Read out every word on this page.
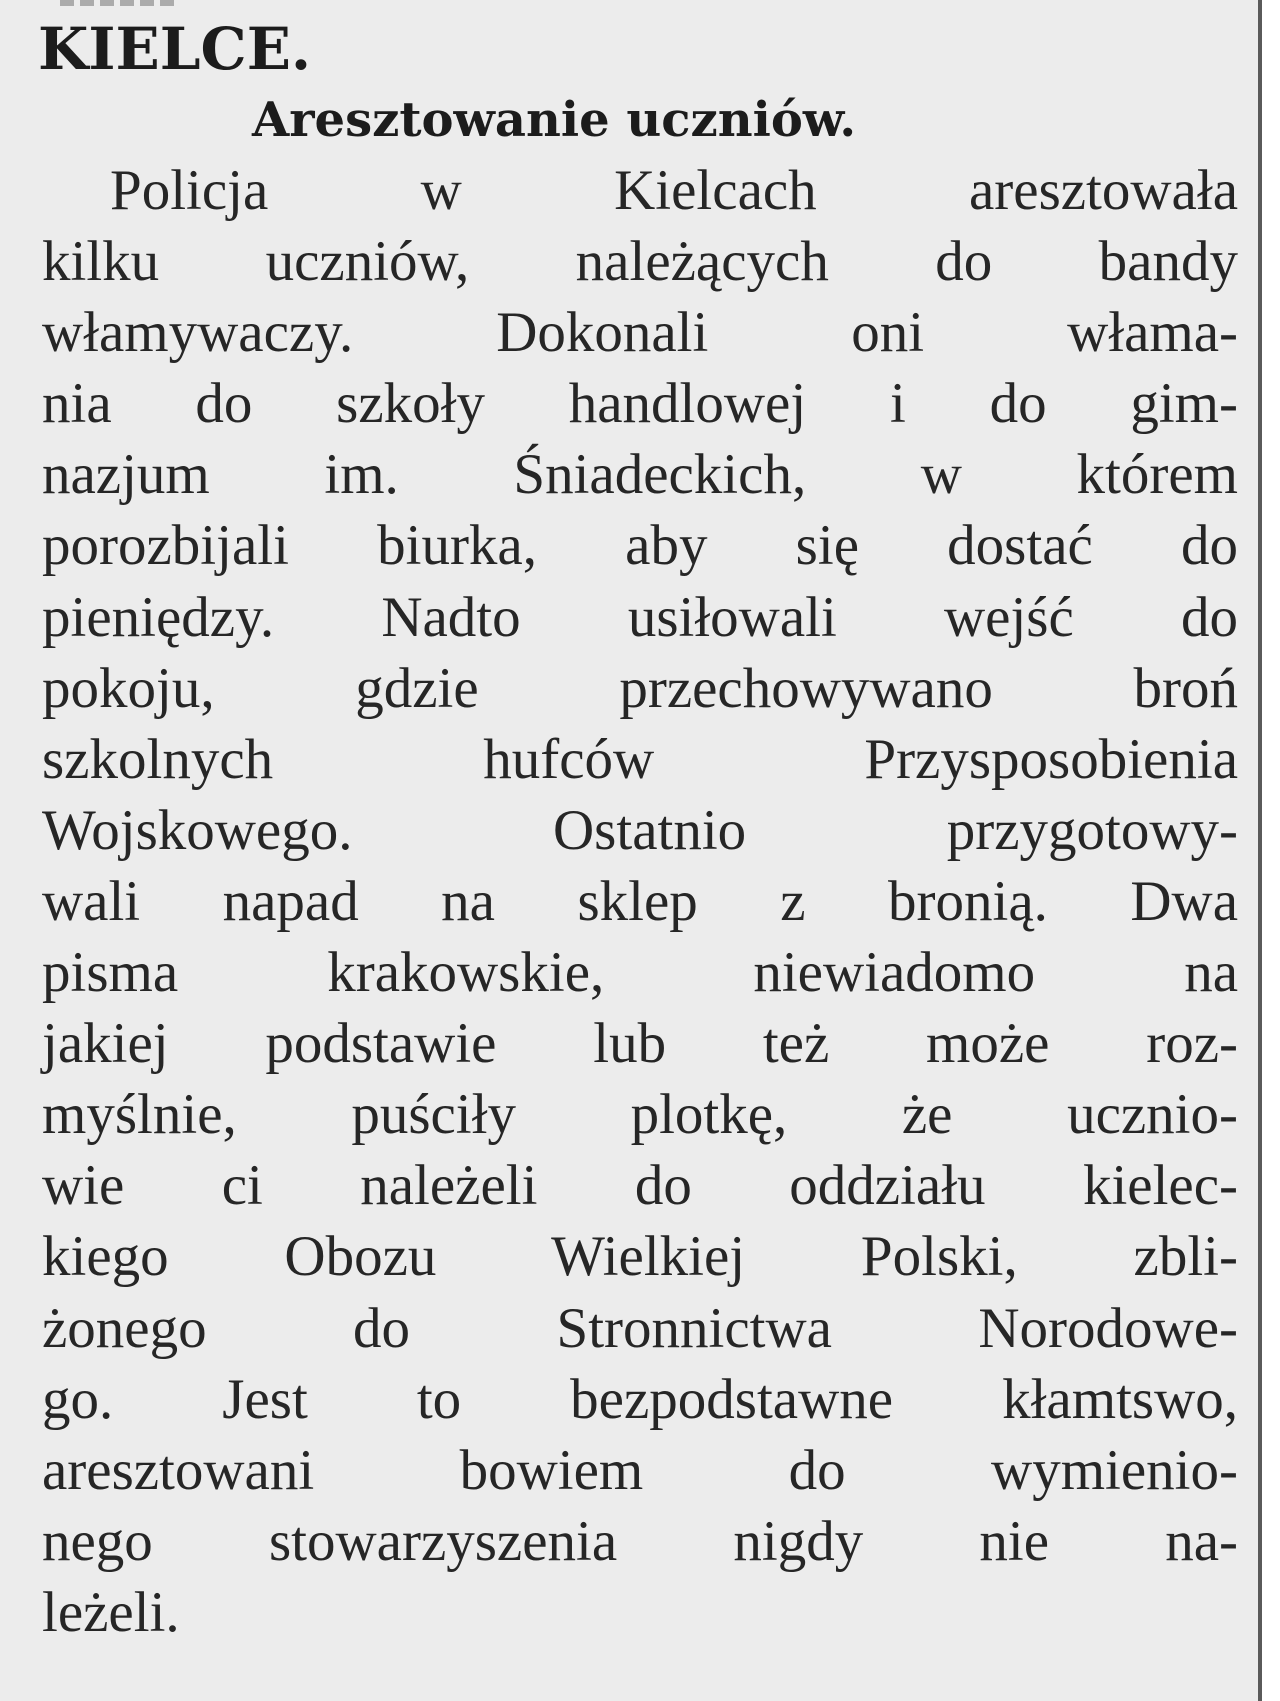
KIELCE.
Aresztowanie uczniów.
Policja w Kielcach aresztowała
kilku uczniów, należących do bandy
włamywaczy. Dokonali oni włama-
nia do szkoły handlowej i do gim-
nazjum im. Śniadeckich, w którem
porozbijali biurka, aby się dostać do
pieniędzy. Nadto usiłowali wejść do
pokoju, gdzie przechowywano broń
szkolnych hufców Przysposobienia
Wojskowego. Ostatnio przygotowy-
wali napad na sklep z bronią. Dwa
pisma krakowskie, niewiadomo na
jakiej podstawie lub też może roz-
myślnie, puściły plotkę, że ucznio-
wie ci należeli do oddziału kielec-
kiego Obozu Wielkiej Polski, zbli-
żonego do Stronnictwa Norodowe-
go. Jest to bezpodstawne kłamtswo,
aresztowani bowiem do wymienio-
nego stowarzyszenia nigdy nie na-
leżeli.
